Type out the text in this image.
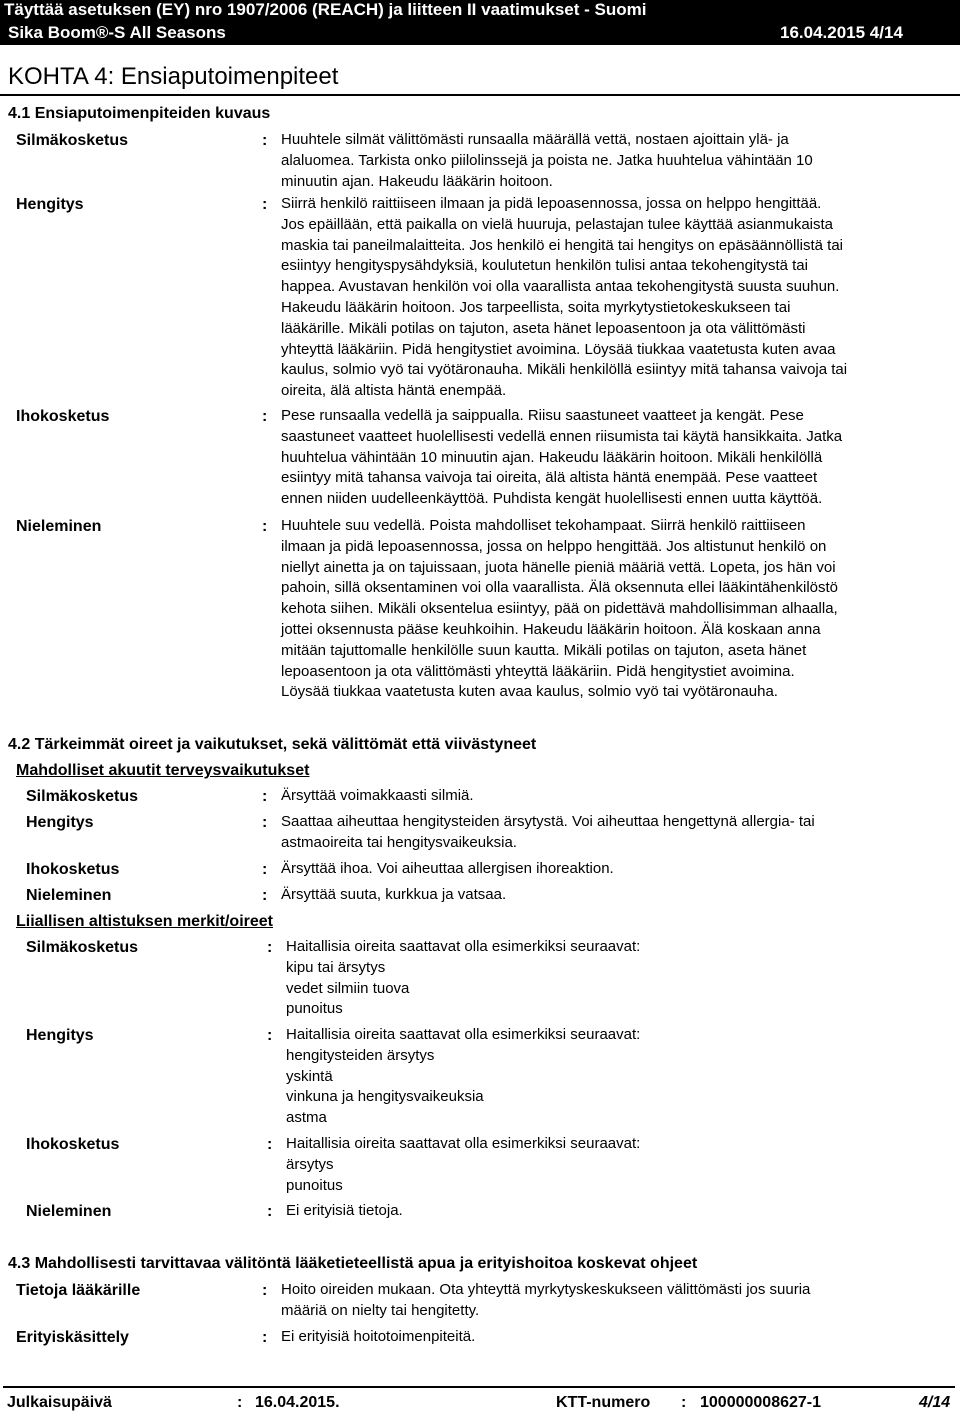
Täyttää asetuksen (EY) nro 1907/2006 (REACH) ja liitteen II vaatimukset - Suomi
Sika Boom®-S All Seasons	16.04.2015 4/14
KOHTA 4: Ensiaputoimenpiteet
4.1 Ensiaputoimenpiteiden kuvaus
Silmäkosketus	: Huuhtele silmät välittömästi runsaalla määrällä vettä, nostaen ajoittain ylä- ja
alaluomea. Tarkista onko piilolinssejä ja poista ne. Jatka huuhtelua vähintään 10
minuutin ajan. Hakeudu lääkärin hoitoon.
Hengitys	: Siirrä henkilö raittiiseen ilmaan ja pidä lepoasennossa, jossa on helppo hengittää.
Jos epäillään, että paikalla on vielä huuruja, pelastajan tulee käyttää asianmukaista
maskia tai paneilmalaitteita. Jos henkilö ei hengitä tai hengitys on epäsäännöllistä tai
esiintyy hengityspysähdyksiä, koulutetun henkilön tulisi antaa tekohengitystä tai
happea. Avustavan henkilön voi olla vaarallista antaa tekohengitystä suusta suuhun.
Hakeudu lääkärin hoitoon. Jos tarpeellista, soita myrkytystietokeskukseen tai
lääkärille. Mikäli potilas on tajuton, aseta hänet lepoasentoon ja ota välittömästi
yhteyttä lääkäriin. Pidä hengitystiet avoimina. Löysää tiukkaa vaatetusta kuten avaa
kaulus, solmio vyö tai vyötäronauha. Mikäli henkilöllä esiintyy mitä tahansa vaivoja tai
oireita, älä altista häntä enempää.
Ihokosketus	: Pese runsaalla vedellä ja saippualla. Riisu saastuneet vaatteet ja kengät. Pese
saastuneet vaatteet huolellisesti vedellä ennen riisumista tai käytä hansikkaita. Jatka
huuhtelua vähintään 10 minuutin ajan. Hakeudu lääkärin hoitoon. Mikäli henkilöllä
esiintyy mitä tahansa vaivoja tai oireita, älä altista häntä enempää. Pese vaatteet
ennen niiden uudelleenkäyttöä. Puhdista kengät huolellisesti ennen uutta käyttöä.
Nieleminen	: Huuhtele suu vedellä. Poista mahdolliset tekohampaat. Siirrä henkilö raittiiseen
ilmaan ja pidä lepoasennossa, jossa on helppo hengittää. Jos altistunut henkilö on
niellyt ainetta ja on tajuissaan, juota hänelle pieniä määriä vettä. Lopeta, jos hän voi
pahoin, sillä oksentaminen voi olla vaarallista. Älä oksennuta ellei lääkintähenkilöstö
kehota siihen. Mikäli oksentelua esiintyy, pää on pidettävä mahdollisimman alhaalla,
jottei oksennusta pääse keuhkoihin. Hakeudu lääkärin hoitoon. Älä koskaan anna
mitään tajuttomalle henkilölle suun kautta. Mikäli potilas on tajuton, aseta hänet
lepoasentoon ja ota välittömästi yhteyttä lääkäriin. Pidä hengitystiet avoimina.
Löysää tiukkaa vaatetusta kuten avaa kaulus, solmio vyö tai vyötäronauha.
4.2 Tärkeimmät oireet ja vaikutukset, sekä välittömät että viivästyneet
Mahdolliset akuutit terveysvaikutukset
Silmäkosketus	: Ärsyttää voimakkaasti silmiä.
Hengitys	: Saattaa aiheuttaa hengitysteiden ärsytystä. Voi aiheuttaa hengettynä allergia- tai
astmaoireita tai hengitysvaikeuksia.
Ihokosketus	: Ärsyttää ihoa. Voi aiheuttaa allergisen ihoreaktion.
Nieleminen	: Ärsyttää suuta, kurkkua ja vatsaa.
Liiallisen altistuksen merkit/oireet
Silmäkosketus	: Haitallisia oireita saattavat olla esimerkiksi seuraavat:
kipu tai ärsytys
vedet silmiin tuova
punoitus
Hengitys	: Haitallisia oireita saattavat olla esimerkiksi seuraavat:
hengitysteiden ärsytys
yskintä
vinkuna ja hengitysvaikeuksia
astma
Ihokosketus	: Haitallisia oireita saattavat olla esimerkiksi seuraavat:
ärsytys
punoitus
Nieleminen	: Ei erityisiä tietoja.
4.3 Mahdollisesti tarvittavaa välitöntä lääketieteellistä apua ja erityishoitoa koskevat ohjeet
Tietoja lääkärille	: Hoito oireiden mukaan. Ota yhteyttä myrkytyskeskukseen välittömästi jos suuria
määriä on nielty tai hengitetty.
Erityiskäsittely	: Ei erityisiä hoitotoimenpiteitä.
Julkaisupäivä	: 16.04.2015.	KTT-numero : 100000008627-1	4/14
